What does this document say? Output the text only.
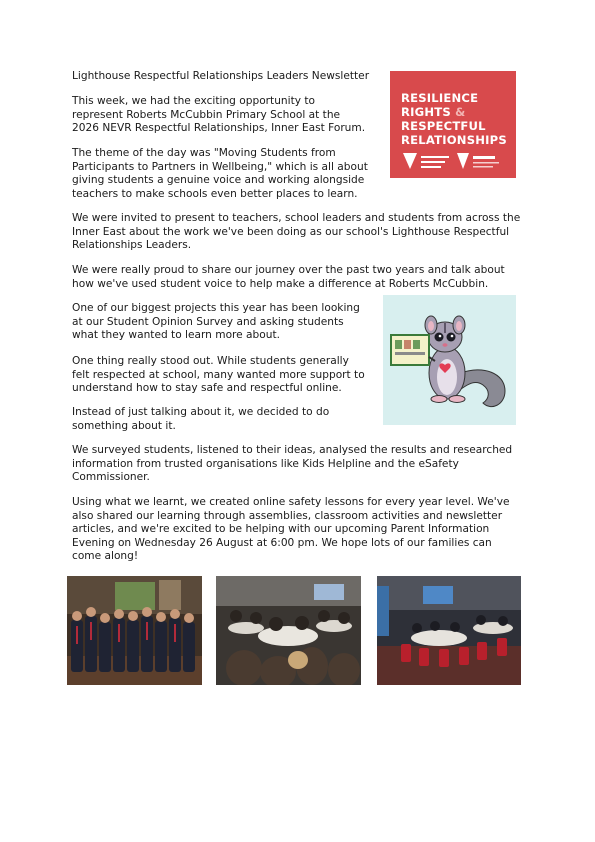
Lighthouse Respectful Relationships Leaders Newsletter

This week, we had the exciting opportunity to represent Roberts McCubbin Primary School at the 2026 NEVR Respectful Relationships, Inner East Forum.

The theme of the day was "Moving Students from Participants to Partners in Wellbeing," which is all about giving students a genuine voice and working alongside teachers to make schools even better places to learn.

We were invited to present to teachers, school leaders and students from across the Inner East about the work we've been doing as our school's Lighthouse Respectful Relationships Leaders.

We were really proud to share our journey over the past two years and talk about how we've used student voice to help make a difference at Roberts McCubbin.

One of our biggest projects this year has been looking at our Student Opinion Survey and asking students what they wanted to learn more about.

One thing really stood out. While students generally felt respected at school, many wanted more support to understand how to stay safe and respectful online.

Instead of just talking about it, we decided to do something about it.

We surveyed students, listened to their ideas, analysed the results and researched information from trusted organisations like Kids Helpline and the eSafety Commissioner.

Using what we learnt, we created online safety lessons for every year level. We've also shared our learning through assemblies, classroom activities and newsletter articles, and we're excited to be helping with our upcoming Parent Information Evening on Wednesday 26 August at 6:00 pm. We hope lots of our families can come along!

RESILIENCE
RIGHTS &
RESPECTFUL
RELATIONSHIPS
